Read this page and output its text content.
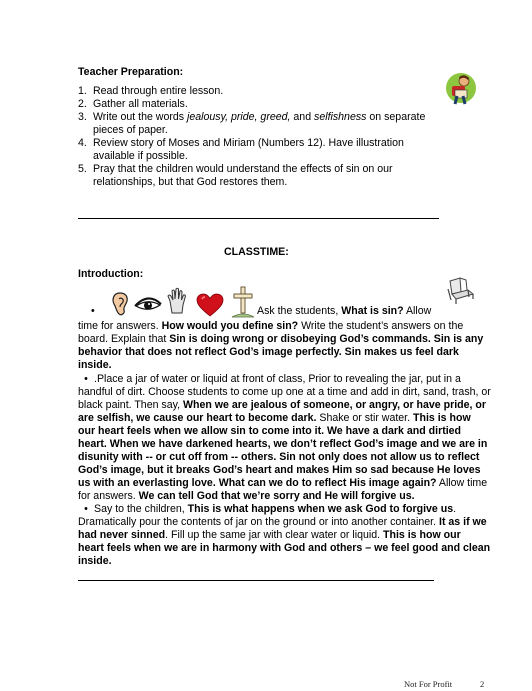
Teacher Preparation:
1. Read through entire lesson.
2. Gather all materials.
3. Write out the words jealousy, pride, greed, and selfishness on separate pieces of paper.
4. Review story of Moses and Miriam (Numbers 12). Have illustration available if possible.
5. Pray that the children would understand the effects of sin on our relationships, but that God restores them.
CLASSTIME:
Introduction:
•	Ask the students, What is sin? Allow

time for answers. How would you define sin? Write the student’s answers on the

board. Explain that Sin is doing wrong or disobeying God’s commands. Sin is any

behavior that does not reflect God’s image perfectly. Sin makes us feel dark

inside.

• .Place a jar of water or liquid at front of class, Prior to revealing the jar, put in a

handful of dirt. Choose students to come up one at a time and add in dirt, sand, trash, or

black paint. Then say, When we are jealous of someone, or angry, or have pride, or

are selfish, we cause our heart to become dark. Shake or stir water. This is how

our heart feels when we allow sin to come into it. We have a dark and dirtied

heart. When we have darkened hearts, we don’t reflect God’s image and we are in

disunity with -- or cut off from -- others. Sin not only does not allow us to reflect

God’s image, but it breaks God’s heart and makes Him so sad because He loves

us with an everlasting love. What can we do to reflect His image again? Allow time

for answers. We can tell God that we’re sorry and He will forgive us.

• Say to the children, This is what happens when we ask God to forgive us.

Dramatically pour the contents of jar on the ground or into another container. It as if we

had never sinned. Fill up the same jar with clear water or liquid. This is how our

heart feels when we are in harmony with God and others – we feel good and clean

inside.

Not For Profit	2
